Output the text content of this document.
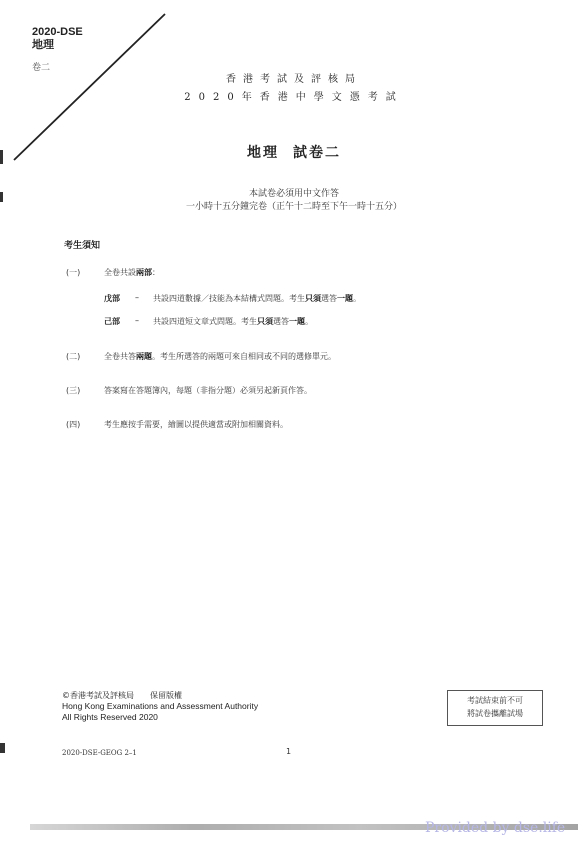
2020-DSE
地理
卷二
香港考試及評核局
2020年香港中學文憑考試
地理 試卷二
本試卷必須用中文作答
一小時十五分鐘完卷（正午十二時至下午一時十五分）
考生須知
(一)	全卷共設兩部：
戊部 – 共設四道數據／技能為本結構式問題。考生只須選答一題。
己部 – 共設四道短文章式問題。考生只須選答一題。
(二)	全卷共答兩題。考生所選答的兩題可來自相同或不同的選修單元。
(三)	答案寫在答題簿內，每題（非指分題）必須另起新頁作答。
(四)	考生應按手需要，繪圖以提供適當或附加相關資料。
©香港考試及評核局　　保留版權
Hong Kong Examinations and Assessment Authority
All Rights Reserved 2020
考試結束前不可
將試卷攜離試場
2020-DSE-GEOG 2–1	1
Provided by dse.life
